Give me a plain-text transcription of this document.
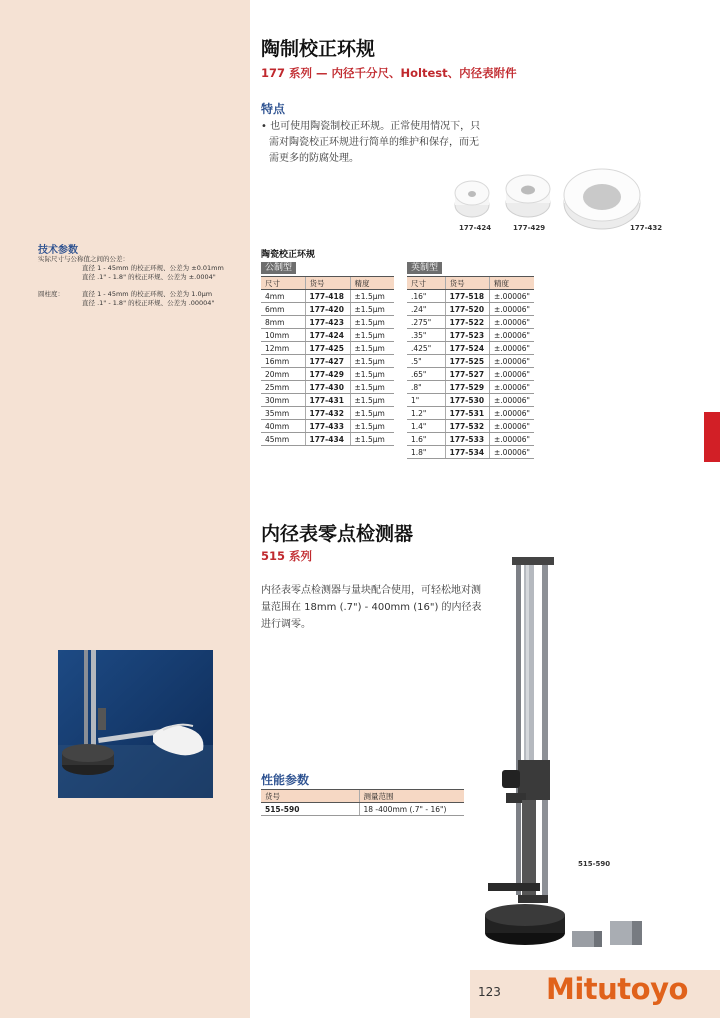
技术参数
实际尺寸与公称值之间的公差：
直径 1 - 45mm 的校正环规、公差为 ±0.01mm
直径 .1" - 1.8" 的校正环规、公差为 ±.0004"
圆柱度：	直径 1 - 45mm 的校正环规、公差为 1.0μm
直径 .1" - 1.8" 的校正环规、公差为 .00004"
陶制校正环规
177 系列 — 内径千分尺、Holtest、内径表附件
特点
• 也可使用陶瓷制校正环规。正常使用情况下，只需对陶瓷校正环规进行简单的维护和保存，而无需更多的防腐处理。
177-424	177-429	177-432
陶瓷校正环规
公制型	英制型
尺寸	货号	精度
4mm	177-418	±1.5μm
6mm	177-420	±1.5μm
8mm	177-423	±1.5μm
10mm	177-424	±1.5μm
12mm	177-425	±1.5μm
16mm	177-427	±1.5μm
20mm	177-429	±1.5μm
25mm	177-430	±1.5μm
30mm	177-431	±1.5μm
35mm	177-432	±1.5μm
40mm	177-433	±1.5μm
45mm	177-434	±1.5μm
尺寸	货号	精度
.16"	177-518	±.00006"
.24"	177-520	±.00006"
.275"	177-522	±.00006"
.35"	177-523	±.00006"
.425"	177-524	±.00006"
.5"	177-525	±.00006"
.65"	177-527	±.00006"
.8"	177-529	±.00006"
1"	177-530	±.00006"
1.2"	177-531	±.00006"
1.4"	177-532	±.00006"
1.6"	177-533	±.00006"
1.8"	177-534	±.00006"
内径表零点检测器
515 系列
内径表零点检测器与量块配合使用，可轻松地对测量范围在 18mm (.7") - 400mm (16") 的内径表进行调零。
性能参数
货号	测量范围
515-590	18 -400mm (.7" - 16")
515-590
123 Mitutoyo
